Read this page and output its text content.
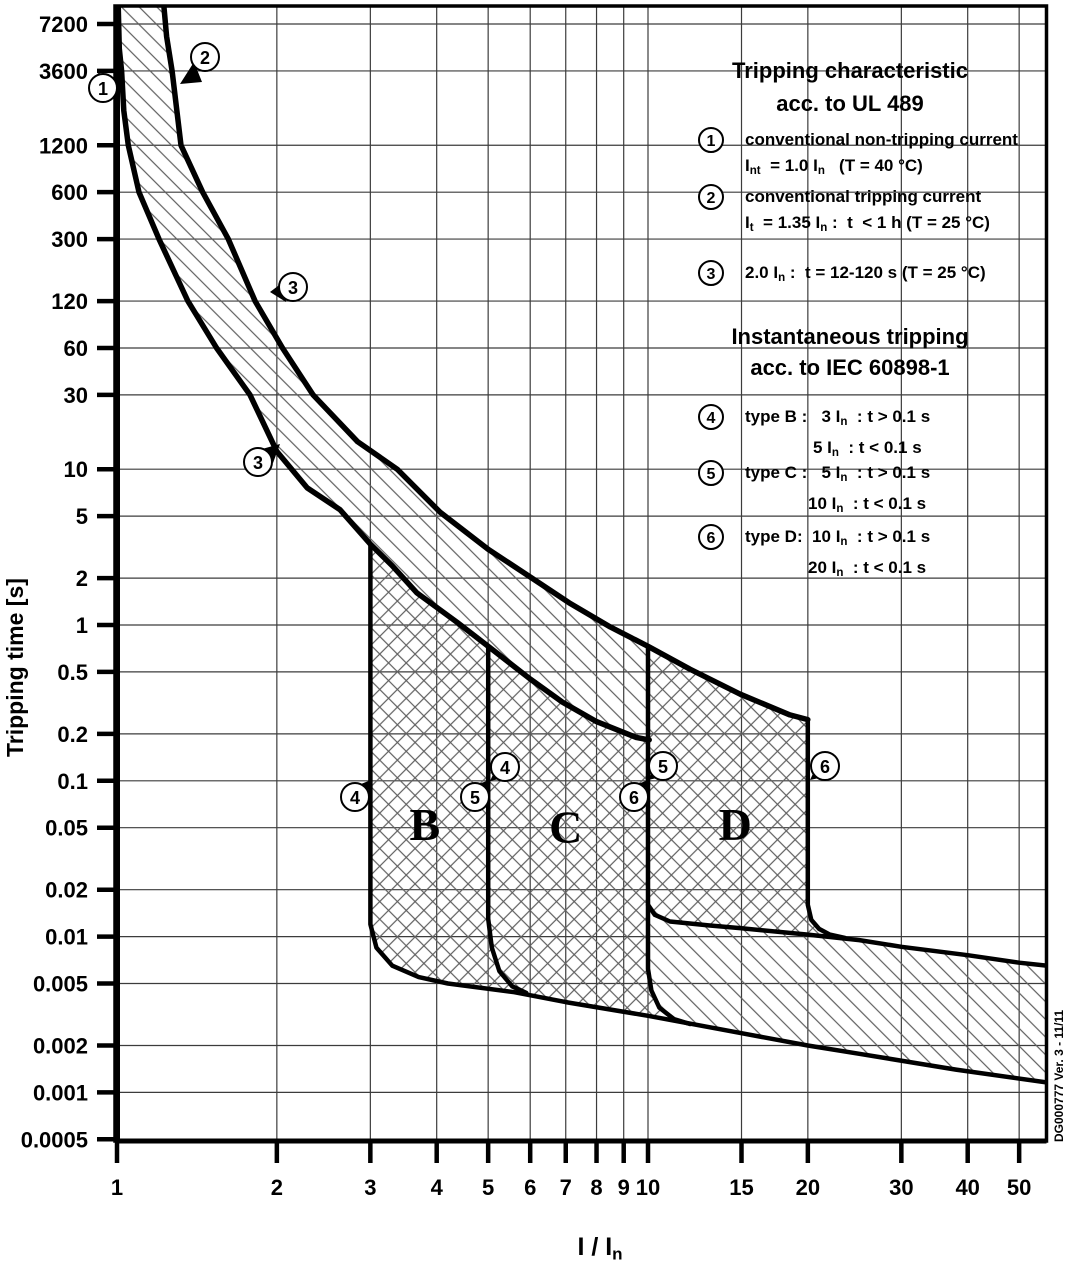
7200
3600
1200
600
300
120
60
30
10
5
2
1
0.5
0.2
0.1
0.05
0.02
0.01
0.005
0.002
0.001
0.0005
1	2	3 4 5 6 7 8 9 10	15 20	30 40 50
B C	D
1
2
3
3
4	5	6
4	5	6
Tripping time [s]
I / $I_n$
Tripping characteristic
acc. to UL 489
Instantaneous tripping
acc. to IEC 60898-1
1	conventional non-tripping current
$I_{nt} = 1.0$ $I_n$   (T = 40 °C)
2	conventional tripping current
$I_t = 1.35$ $I_n$ :  t  < 1 h (T = 25 °C)
3	2.0 $I_n$ :  t = 12-120 s (T = 25 °C)
4	type B :   3 $I_n$  : t > 0.1 s
5 $I_n$  : t < 0.1 s
5	type C :   5 $I_n$  : t > 0.1 s
10 $I_n$  : t < 0.1 s
6	type D:  10 $I_n$  : t > 0.1 s
20 $I_n$  : t < 0.1 s
DG000777 Ver. 3 - 11/11
